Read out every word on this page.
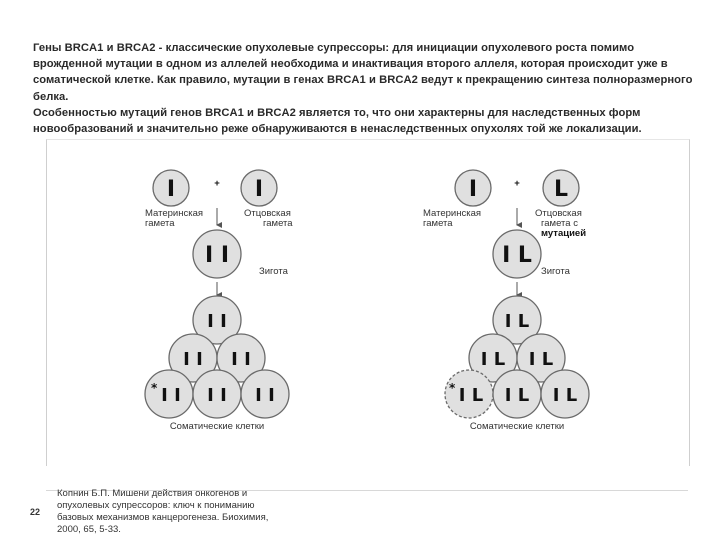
Гены BRCA1 и BRCA2 - классические опухолевые супрессоры: для инициации опухолевого роста помимо врожденной мутации в одном из аллелей необходима и инактивация второго аллеля, которая происходит уже в соматической клетке. Как правило, мутации в генах BRCA1 и BRCA2 ведут к прекращению синтеза полноразмерного белка.

Особенностью мутаций генов BRCA1 и BRCA2 является то, что они характерны для наследственных форм новообразований и значительно реже обнаруживаются в ненаследственных опухолях той же локализации.

I	+ I
Материнская
гамета
Отцовская
гамета
I I
Зигота
I I
I I I I
* I I I I I I
Соматические клетки
I	+ L
Материнская
гамета
Отцовская
гамета с
мутацией
I L
Зигота
I L
I L I L
* I L I L I L
Соматические клетки
22
Копнин Б.П. Мишени действия онкогенов и
опухолевых супрессоров: ключ к пониманию
базовых механизмов канцерогенеза. Биохимия,
2000, 65, 5-33.
